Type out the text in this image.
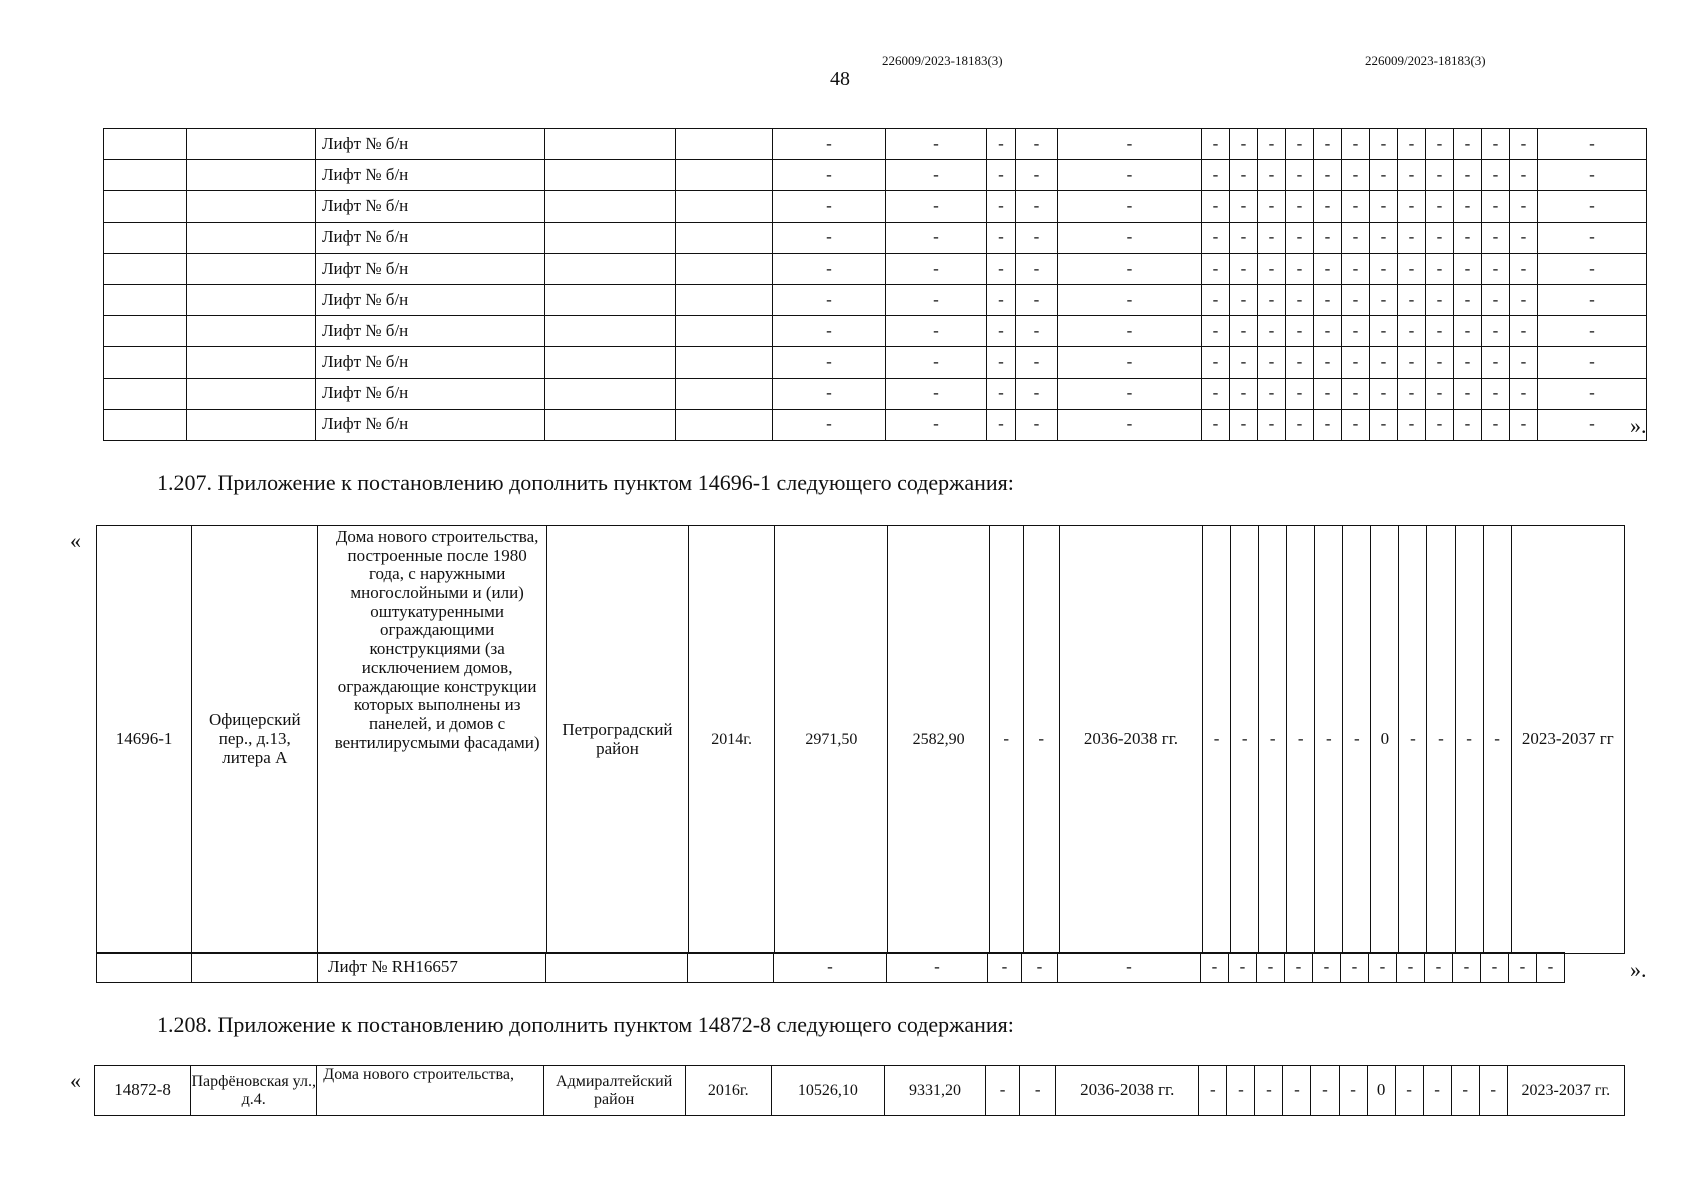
226009/2023-18183(3)	226009/2023-18183(3)
48
		Лифт № б/н			-	-	-	-	-	-	-	-	-	-	-	-	-	-	-	-	-	-
		Лифт № б/н			-	-	-	-	-	-	-	-	-	-	-	-	-	-	-	-	-	-
		Лифт № б/н			-	-	-	-	-	-	-	-	-	-	-	-	-	-	-	-	-	-
		Лифт № б/н			-	-	-	-	-	-	-	-	-	-	-	-	-	-	-	-	-	-
		Лифт № б/н			-	-	-	-	-	-	-	-	-	-	-	-	-	-	-	-	-	-
		Лифт № б/н			-	-	-	-	-	-	-	-	-	-	-	-	-	-	-	-	-	-
		Лифт № б/н			-	-	-	-	-	-	-	-	-	-	-	-	-	-	-	-	-	-
		Лифт № б/н			-	-	-	-	-	-	-	-	-	-	-	-	-	-	-	-	-	-
		Лифт № б/н			-	-	-	-	-	-	-	-	-	-	-	-	-	-	-	-	-	-
		Лифт № б/н			-	-	-	-	-	-	-	-	-	-	-	-	-	-	-	-	-	- ».
1.207. Приложение к постановлению дополнить пунктом 14696-1 следующего содержания:
«
14696-1	Офицерский пер., д.13, литера А	Дома нового строительства, построенные после 1980 года, с наружными многослойными и (или) оштукатуренными ограждающими конструкциями (за исключением домов, ограждающие конструкции которых выполнены из панелей, и домов с вентилирусмыми фасадами)	Петроградский район	2014г.	2971,50	2582,90	-	-	2036-2038 гг.	-	-	-	-	-	-	0	-	-	-	-	2023-2037 гг
		Лифт № RH16657			-	-	-	-	-	-	-	-	-	-	-	-	-	-	-	-	-	-	».
1.208. Приложение к постановлению дополнить пунктом 14872-8 следующего содержания:
« 14872-8	Парфёновская ул., д.4.	Дома нового строительства,	Адмиралтейский район	2016г.	10526,10	9331,20	-	-	2036-2038 гг.	-	-	-	-	-	-	0	-	-	-	-	2023-2037 гг.
